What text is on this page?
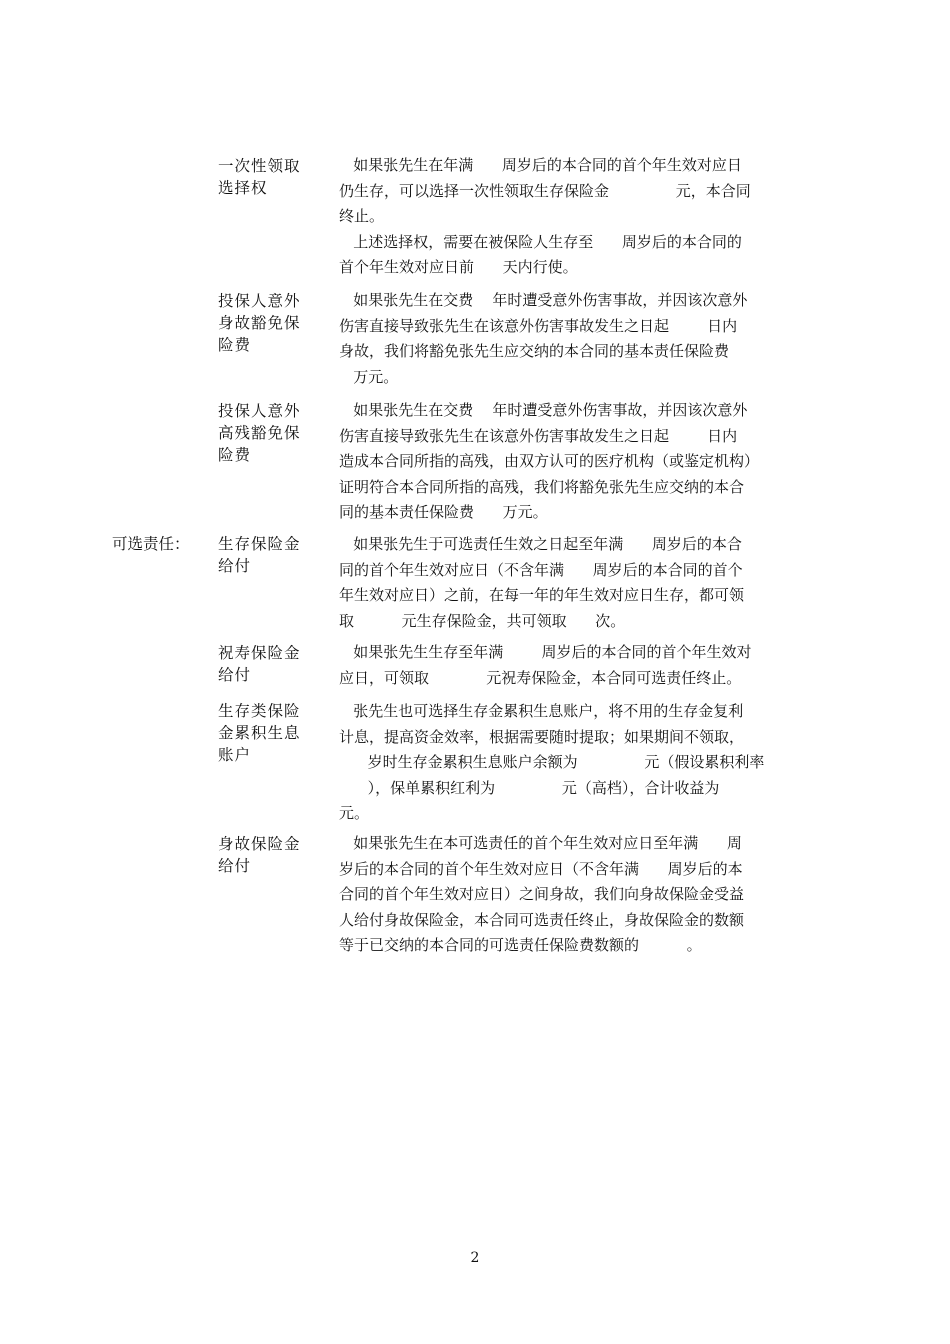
可选责任：
一次性领取
选择权
如果张先生在年满      周岁后的本合同的首个年生效对应日
仍生存，可以选择一次性领取生存保险金              元，本合同
终止。
上述选择权，需要在被保险人生存至      周岁后的本合同的
首个年生效对应日前      天内行使。
投保人意外
身故豁免保
险费
如果张先生在交费    年时遭受意外伤害事故，并因该次意外
伤害直接导致张先生在该意外伤害事故发生之日起        日内
身故，我们将豁免张先生应交纳的本合同的基本责任保险费
万元。
投保人意外
高残豁免保
险费
如果张先生在交费    年时遭受意外伤害事故，并因该次意外
伤害直接导致张先生在该意外伤害事故发生之日起        日内
造成本合同所指的高残，由双方认可的医疗机构（或鉴定机构）
证明符合本合同所指的高残，我们将豁免张先生应交纳的本合
同的基本责任保险费      万元。
生存保险金
给付
如果张先生于可选责任生效之日起至年满      周岁后的本合
同的首个年生效对应日（不含年满      周岁后的本合同的首个
年生效对应日）之前，在每一年的年生效对应日生存，都可领
取          元生存保险金，共可领取      次。
祝寿保险金
给付
如果张先生生存至年满        周岁后的本合同的首个年生效对
应日，可领取            元祝寿保险金，本合同可选责任终止。
生存类保险
金累积生息
账户
张先生也可选择生存金累积生息账户，将不用的生存金复利
计息，提高资金效率，根据需要随时提取；如果期间不领取，
岁时生存金累积生息账户余额为              元（假设累积利率
），保单累积红利为              元（高档），合计收益为
元。
身故保险金
给付
如果张先生在本可选责任的首个年生效对应日至年满      周
岁后的本合同的首个年生效对应日（不含年满      周岁后的本
合同的首个年生效对应日）之间身故，我们向身故保险金受益
人给付身故保险金，本合同可选责任终止，身故保险金的数额
等于已交纳的本合同的可选责任保险费数额的          。
2
